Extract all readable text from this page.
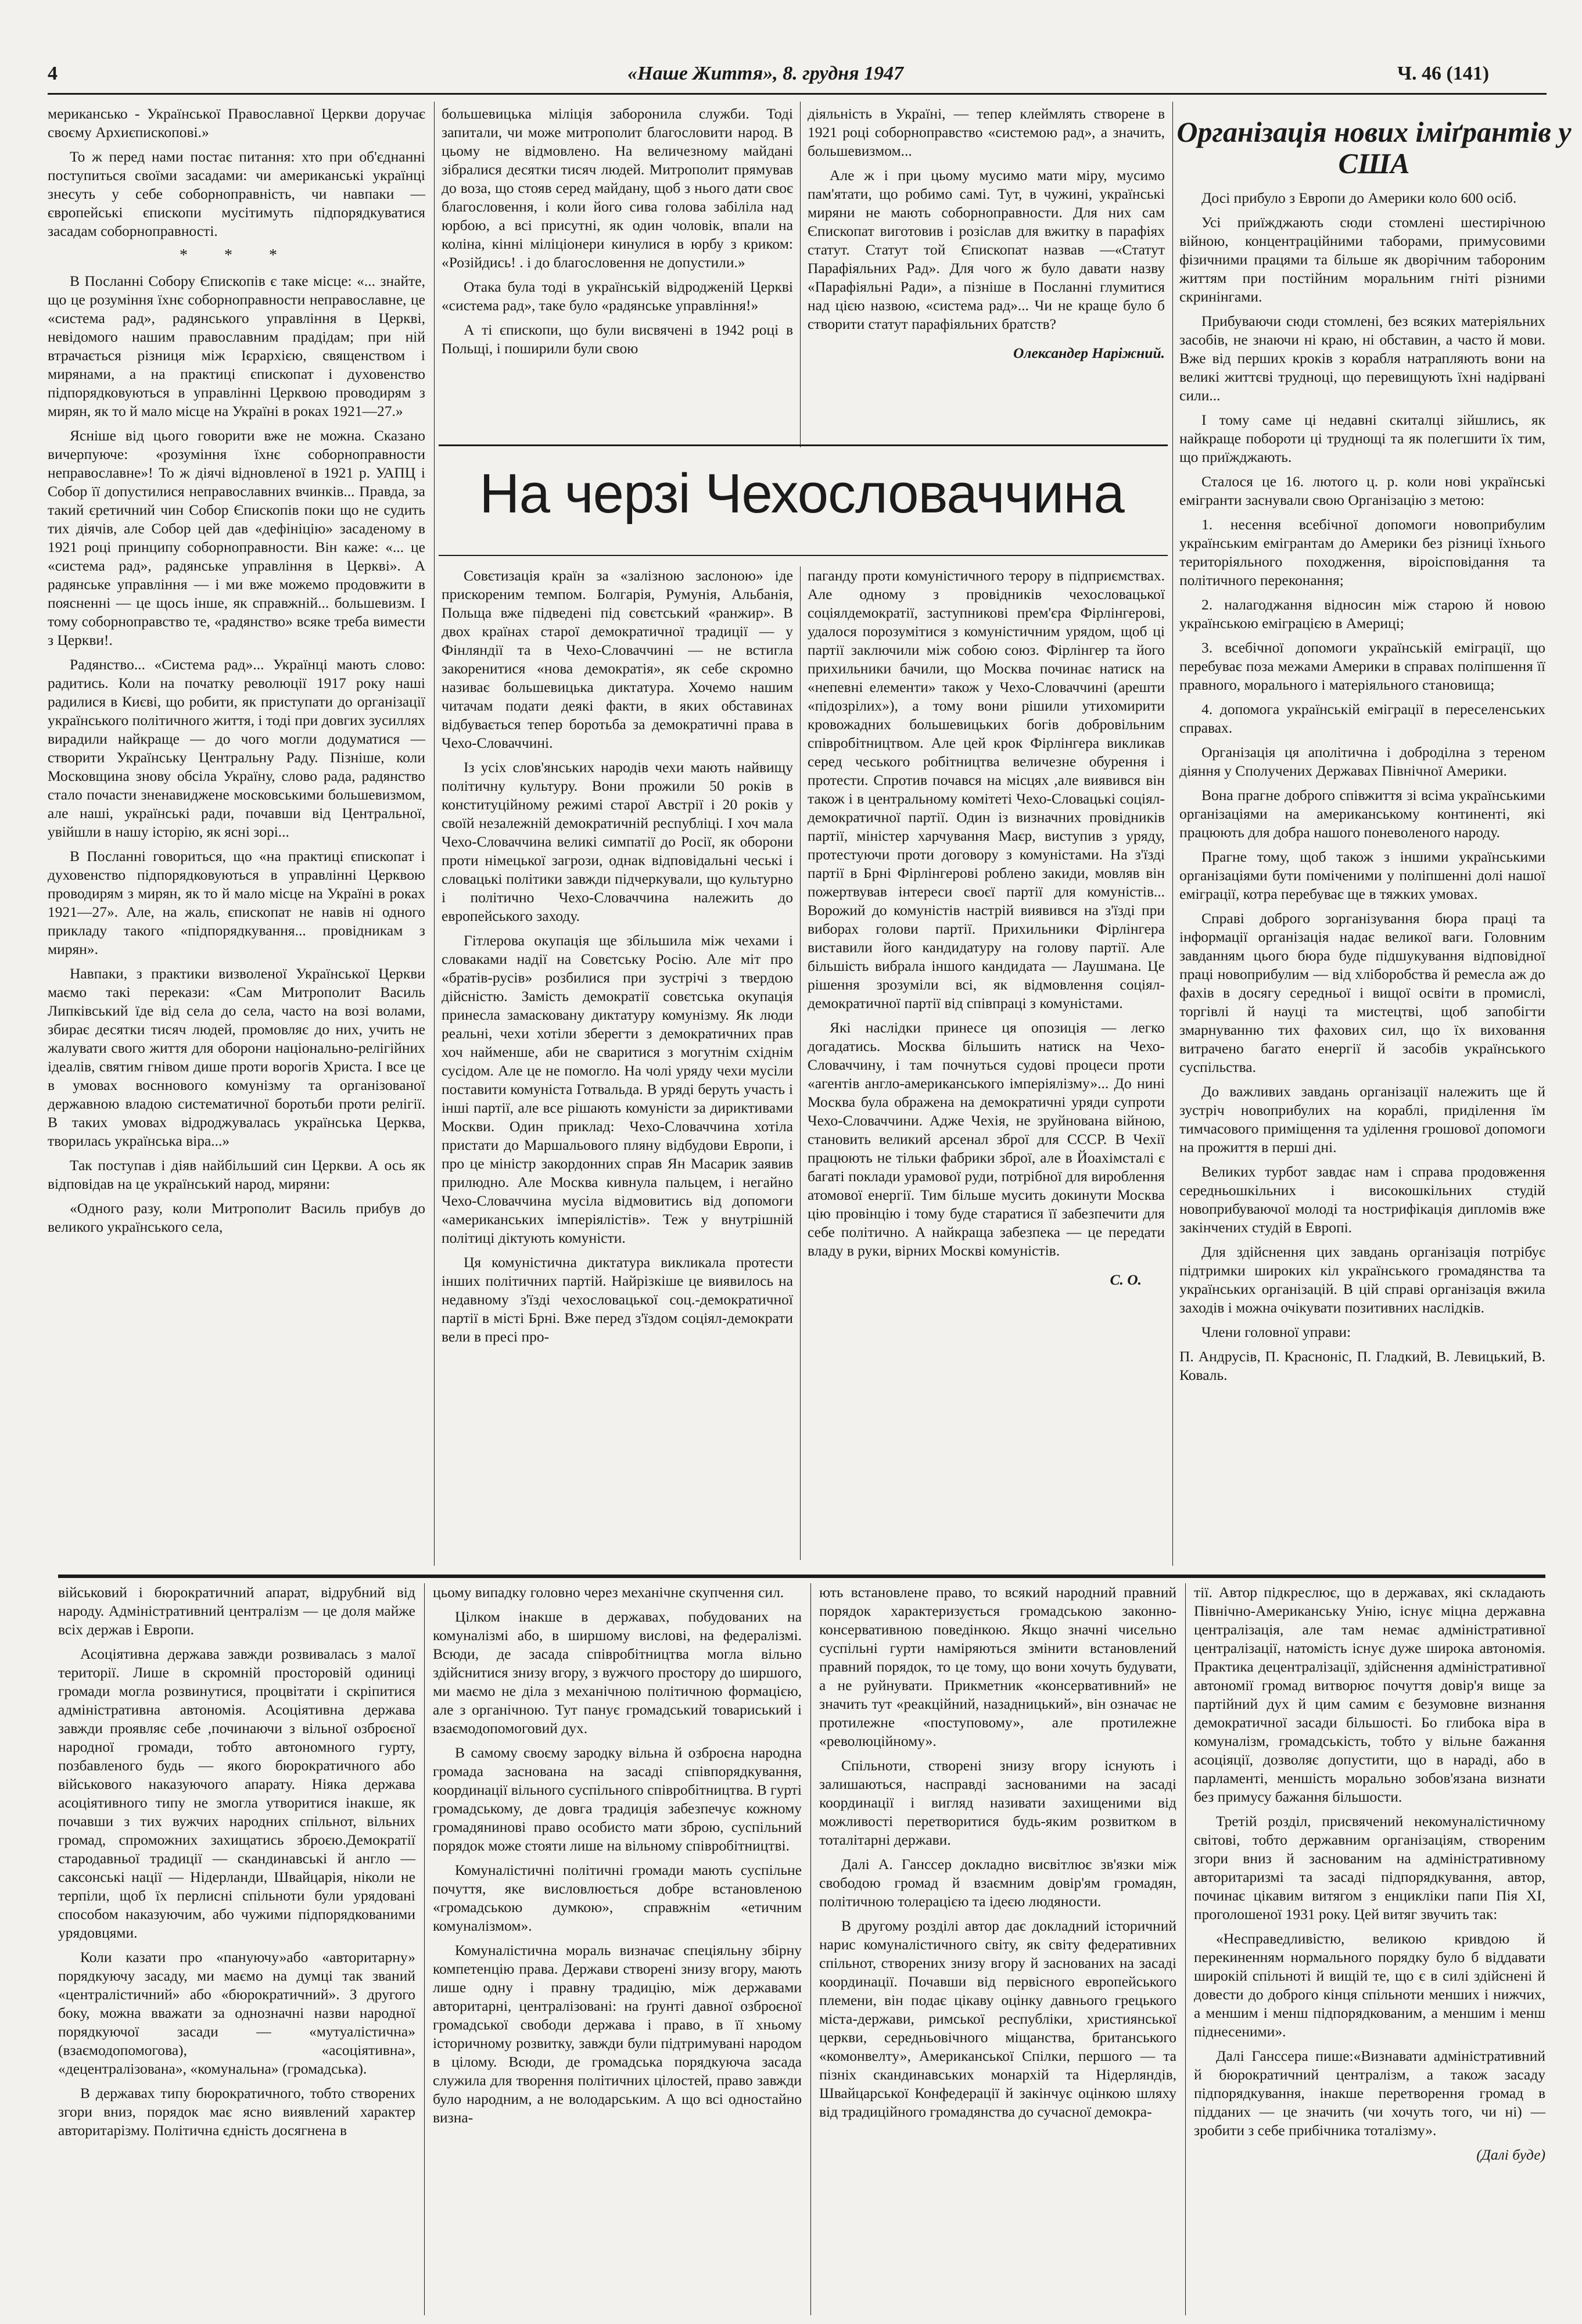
4	«Наше Життя», 8. грудня 1947	Ч. 46 (141)

мерикансько - Української Православної Церкви доручає своєму Архиєпископові.»

То ж перед нами постає питання: хто при об'єднанні поступиться своїми засадами: чи американські українці знесуть у себе соборноправність, чи навпаки — європейські єпископи мусітимуть підпорядкуватися засадам соборноправності.

* * *

В Посланні Собору Єпископів є таке місце: «... знайте, що це розуміння їхнє соборноправности неправославне, це «система рад», радянського управління в Церкві, невідомого нашим православним прадідам; при ній втрачається різниця між Ієрархією, священством і мирянами, а на практиці єпископат і духовенство підпорядковуються в управлінні Церквою проводирям з мирян, як то й мало місце на Україні в роках 1921—27.»

Ясніше від цього говорити вже не можна. Сказано вичерпуюче: «розуміння їхнє соборноправности неправославне»! То ж діячі відновленої в 1921 р. УАПЦ і Собор її допустилися неправославних вчинків... Правда, за такий єретичний чин Собор Єпископів поки що не судить тих діячів, але Собор цей дав «дефініцію» засаденому в 1921 році принципу соборноправности. Він каже: «... це «система рад», радянське управління в Церкві». А радянське управління — і ми вже можемо продовжити в поясненні — це щось інше, як справжній... большевизм. І тому соборноправство те, «радянство» всяке треба вимести з Церкви!.

Радянство... «Система рад»... Українці мають слово: радитись. Коли на початку революції 1917 року наші радилися в Києві, що робити, як приступати до організації українського політичного життя, і тоді при довгих зусиллях вирадили найкраще — до чого могли додуматися — створити Українську Центральну Раду. Пізніше, коли Московщина знову обсіла Україну, слово рада, радянство стало почасти зненавиджене московськими большевизмом, але наші, українські ради, почавши від Центральної, увійшли в нашу історію, як ясні зорі...

В Посланні говориться, що «на практиці єпископат і духовенство підпорядковуються в управлінні Церквою проводирям з мирян, як то й мало місце на Україні в роках 1921—27». Але, на жаль, єпископат не навів ні одного прикладу такого «підпорядкування... провідникам з мирян».

Навпаки, з практики визволеної Української Церкви маємо такі перекази: «Сам Митрополит Василь Липківський їде від села до села, часто на возі волами, збирає десятки тисяч людей, промовляє до них, учить не жалувати свого життя для оборони національно-релігійних ідеалів, святим гнівом дише проти ворогів Христа. І все це в умовах восннового комунізму та організованої державною владою систематичної боротьби проти релігії. В таких умовах відроджувалась українська Церква, творилась українська віра...»

Так поступав і діяв найбільший син Церкви. А ось як відповідав на це український народ, миряни:

«Одного разу, коли Митрополит Василь прибув до великого українського села,

большевицька міліція заборонила служби. Тоді запитали, чи може митрополит благословити народ. В цьому не відмовлено. На величезному майдані зібралися десятки тисяч людей. Митрополит прямував до воза, що стояв серед майдану, щоб з нього дати своє благословення, і коли його сива голова забіліла над юрбою, а всі присутні, як один чоловік, впали на коліна, кінні міліціонери кинулися в юрбу з криком: «Розійдись! . і до благословення не допустили.»

Отака була тоді в українській відродженій Церкві «система рад», таке було «радянське управління!»

А ті єпископи, що були висвячені в 1942 році в Польщі, і поширили були свою

діяльність в Україні, — тепер клеймлять створене в 1921 році соборноправство «системою рад», а значить, большевизмом...

Але ж і при цьому мусимо мати міру, мусимо пам'ятати, що робимо самі. Тут, в чужині, українські миряни не мають соборноправности. Для них сам Єпископат виготовив і розіслав для вжитку в парафіях статут. Статут той Єпископат назвав —«Статут Парафіяльних Рад». Для чого ж було давати назву «Парафіяльні Ради», а пізніше в Посланні глумитися над цією назвою, «система рад»... Чи не краще було б створити статут парафіяльних братств?

Олександер Наріжний.
На черзі Чехословаччина

Совєтизація країн за «залізною заслоною» іде прискореним темпом. Болгарія, Румунія, Альбанія, Польща вже підведені під совєтський «ранжир». В двох країнах старої демократичної традиції — у Фінляндії та в Чехо-Словаччині — не встигла закоренитися «нова демократія», як себе скромно називає большевицька диктатура. Хочемо нашим читачам подати деякі факти, в яких обставинах відбувається тепер боротьба за демократичні права в Чехо-Словаччині.

Із усіх слов'янських народів чехи мають найвищу політичну культуру. Вони прожили 50 років в конституційному режимі старої Австрії і 20 років у своїй незалежній демократичній республіці. І хоч мала Чехо-Словаччина великі симпатії до Росії, як оборони проти німецької загрози, однак відповідальні чеські і словацькі політики завжди підчеркували, що культурно і політично Чехо-Словаччина належить до европейського заходу.

Гітлерова окупація ще збільшила між чехами і словаками надії на Совєтську Росію. Але міт про «братів-русів» розбилися при зустрічі з твердою дійсністю. Замість демократії совєтська окупація принесла замасковану диктатуру комунізму. Як люди реальні, чехи хотіли зберегти з демократичних прав хоч найменше, аби не сваритися з могутнім східнім сусідом. Але це не помогло. На чолі уряду чехи мусіли поставити комуніста Готвальда. В уряді беруть участь і інші партії, але все рішають комуністи за дириктивами Москви. Один приклад: Чехо-Словаччина хотіла пристати до Маршальового пляну відбудови Европи, і про це міністр закордонних справ Ян Масарик заявив прилюдно. Але Москва кивнула пальцем, і негайно Чехо-Словаччина мусіла відмовитись від допомоги «американських імперіялістів». Теж у внутрішній політиці діктують комуністи.

Ця комуністична диктатура викликала протести інших політичних партій. Найрізкіше це виявилось на недавному з'їзді чехословацької соц.-демократичної партії в місті Брні. Вже перед з'їздом соціял-демократи вели в пресі про-

паганду проти комуністичного терору в підприємствах. Але одному з провідників чехословацької соціялдемократії, заступникові прем'єра Фірлінгерові, удалося порозумітися з комуністичним урядом, щоб ці партії заключили між собою союз. Фірлінгер та його прихильники бачили, що Москва починає натиск на «непевні елементи» також у Чехо-Словаччині (арешти «підозрілих»), а тому вони рішили утихомирити кровожадних большевицьких богів добровільним співробітництвом. Але цей крок Фірлінгера викликав серед чеського робітництва величезне обурення і протести. Спротив почався на місцях ,але виявився він також і в центральному комітеті Чехо-Словацькі соціял-демократичної партії. Один із визначних провідників партії, міністер харчування Маєр, виступив з уряду, протестуючи проти договору з комуністами. На з'їзді партії в Брні Фірлінгерові роблено закиди, мовляв він пожертвував інтереси своєї партії для комуністів... Ворожий до комуністів настрій виявився на з'їзді при виборах голови партії. Прихильники Фірлінгера виставили його кандидатуру на голову партії. Але більшість вибрала іншого кандидата — Лаушмана. Це рішення зрозуміли всі, як відмовлення соціял-демократичної партії від співпраці з комуністами.

Які наслідки принесе ця опозиція — легко догадатись. Москва більшить натиск на Чехо-Словаччину, і там почнуться судові процеси проти «агентів англо-американського імперіялізму»... До нині Москва була ображена на демократичні уряди супроти Чехо-Словаччини. Адже Чехія, не зруйнована війною, становить великий арсенал зброї для СССР. В Чехії працюють не тільки фабрики зброї, але в Йоахімсталі є багаті поклади урамової руди, потрібної для вироблення атомової енергії. Тим більше мусить докинути Москва цію провінцію і тому буде старатися її забезпечити для себе політично. А найкраща забезпека — це передати владу в руки, вірних Москві комуністів.

С. О.
Організація нових іміґрантів у США

Досі прибуло з Европи до Америки коло 600 осіб.

Усі приїжджають сюди стомлені шестирічною війною, концентраційними таборами, примусовими фізичними працями та більше як двоpічним табороним життям при постійним моральним гніті різними скринінгами.

Прибуваючи сюди стомлені, без всяких матеріяльних засобів, не знаючи ні краю, ні обставин, а часто й мови. Вже від перших кроків з корабля натрапляють вони на великі життєві трудноці, що перевищують їхні надірвані сили...

І тому саме ці недавні скиталці зійшлись, як найкраще побороти ці труднощі та як полегшити їх тим, що приїжджають.

Сталося це 16. лютого ц. р. коли нові українські емігранти заснували свою Організацію з метою:

1. несення всебічної допомоги новоприбулим українським емігрантам до Америки без різниці їхнього територіяльного походження, віроісповідання та політичного переконання;

2. налагоджання відносин між старою й новою українською еміграцією в Америці;

3. всебічної допомоги українській еміграції, що перебуває поза межами Америки в справах поліпшення її правного, морального і матеріяльного становища;

4. допомога українській еміграції в переселенських справах.

Організація ця аполітична і доброділна з тереном діяння у Сполучених Державах Північної Америки.

Вона прагне доброго співжиття зі всіма українськими організаціями на американському континенті, які працюють для добра нашого поневоленого народу.

Прагне тому, щоб також з іншими українськими організаціями бути поміченими у поліпшенні долі нашої еміграції, котра перебуває ще в тяжких умовах.

Справі доброго зорганізування бюра праці та інформації організація надає великої ваги. Головним завданням цього бюра буде підшукування відповідної праці новоприбулим — від хліборобства й ремесла аж до фахів в досягу середньої і вищої освіти в промислі, торгівлі й науці та мистецтві, щоб запобігти змарнуванню тих фахових сил, що їх виховання витрачено багато енергії й засобів українського суспільства.

До важливих завдань організації належить ще й зустріч новоприбулих на кораблі, приділення їм тимчасового приміщення та уділення грошової допомоги на прожиття в перші дні.

Великих турбот завдає нам і справа продовження середньошкільних і високошкільних студій новоприбуваючої молоді та нострифікація дипломів вже закінчених студій в Европі.

Для здійснення цих завдань організація потрібує підтримки широких кіл українського громадянства та українських організацій. В цій справі організація вжила заходів і можна очікувати позитивних наслідків.

Члени головної управи:

П. Андрусів, П. Красноніс, П. Гладкий, В. Левицький, В. Коваль.

військовий і бюрократичний апарат, відрубний від народу. Адміністративний централізм — це доля майже всіх держав і Европи.

Асоціятивна держава завжди розвивалась з малої території. Лише в скромній просторовій одиниці громади могла розвинутися, процвітати і скріпитися адміністративна автономія. Асоціятивна держава завжди проявляє себе ,починаючи з вільної озброєної народної громади, тобто автономного гурту, позбавленого будь — якого бюрократичного або військового наказуючого апарату. Ніяка держава асоціятивного типу не змогла утворитися інакше, як почавши з тих вужчих народних спільнот, вільних громад, спроможних захищатись зброєю.Демократії стародавньої традиції — скандинавські й англо — саксонські нації — Нідерланди, Швайцарія, ніколи не терпіли, щоб їх перлисні спільноти були урядовані способом наказуючим, або чужими підпорядкованими урядовцями.

Коли казати про «пануючу»або «авторитарну» порядкуючу засаду, ми маємо на думці так званий «централістичний» або «бюрократичний». З другого боку, можна вважати за однозначні назви народної порядкуючої засади — «мутуалістична» (взаємодопомогова), «асоціятивна», «децентралізована», «комунальна» (громадська).

В державах типу бюрократичного, тобто створених згори вниз, порядок має ясно виявлений характер авторитарізму. Політична єдність досягнена в

цьому випадку головно через механічне скупчення сил.

Цілком інакше в державах, побудованих на комуналізмі або, в ширшому вислові, на федералізмі. Всюди, де засада співробітництва могла вільно здійснитися знизу вгору, з вужчого простору до ширшого, ми маємо не діла з механічною політичною формацією, але з органічною. Тут панує громадський товариський і взаємодопомоговий дух.

В самому своєму зародку вільна й озброєна народна громада заснована на засаді співпорядкування, координації вільного суспільного співробітництва. В гурті громадському, де довга традиція забезпечує кожному громадянинові право особисто мати зброю, суспільний порядок може стояти лише на вільному співробітництві.

Комуналістичні політичні громади мають суспільне почуття, яке висловлюється добре встановленою «громадською думкою», справжнім «етичним комуналізмом».

Комуналістична мораль визначає спеціяльну збірну компетенцію права. Держави створені знизу вгору, мають лише одну і правну традицію, між державами авторитарні, централізовані: на ґрунті давної озброєної громадської свободи держава і право, в її хньому історичному розвитку, завжди були підтримувані народом в цілому. Всюди, де громадська порядкуюча засада служила для творення політичних цілостей, право завжди було народним, а не володарським. А що всі одностайно визна-

ють встановлене право, то всякий народний правний порядок характеризується громадською законно-консервативною поведінкою. Якщо значні чисельно суспільні гурти наміряються змінити встановлений правний порядок, то це тому, що вони хочуть будувати, а не руйнувати. Прикметник «консервативний» не значить тут «реакційний, назадницький», він означає не протилежне «поступовому», але протилежне «революційному».

Спільноти, створені знизу вгору існують і залишаються, насправді заснованими на засаді координації і вигляд називати захищеними від можливості перетворитися будь-яким розвитком в тоталітарні держави.

Далі А. Ганссер докладно висвітлює зв'язки між свободою громад й взаємним довір'ям громадян, політичною толерацією та ідеєю людяности.

В другому розділі автор дає докладний історичний нарис комуналістичного світу, як світу федеративних спільнот, створених знизу вгору й заснованих на засаді координації. Почавши від первісного европейського племени, він подає цікаву оцінку давнього грецького міста-держави, римської республіки, християнської церкви, середньовічного міщанства, британського «комонвелту», Американської Спілки, першого — та пізніх скандинавських монархій та Нідерляндів, Швайцарської Конфедерації й закінчує оцінкою шляху від традиційного громадянства до сучасної демокра-

тії. Автор підкреслює, що в державах, які складають Північно-Американську Унію, існує міцна державна централізація, але там немає адміністративної централізації, натомість існує дуже широка автономія. Практика децентралізації, здійснення адміністративної автономії громад витворює почуття довір'я вище за партійний дух й цим самим є безумовне визнання демократичної засади більшості. Бо глибока віра в комуналізм, громадськість, тобто у вільне бажання асоціяції, дозволяє допустити, що в нараді, або в парламенті, меншість морально зобов'язана визнати без примусу бажання більшости.

Третій розділ, присвячений некомуналістичному світові, тобто державним організаціям, створеним згори вниз й заснованим на адміністративному авторитаризмі та засаді підпорядкування, автор, починає цікавим витягом з енцикліки папи Пія XI, проголошеної 1931 року. Цей витяг звучить так:

«Несправедливістю, великою кривдою й перекиненням нормального порядку було б віддавати широкій спільноті й вищій те, що є в силі здійснені й довести до доброго кінця спільноти менших і нижчих, а меншим і менш підпорядкованим, а меншим і менш піднесеними».

Далі Ганссера пише:«Визнавати адміністративний й бюрократичний централізм, а також засаду підпорядкування, інакше перетворення громад в підданих — це значить (чи хочуть того, чи ні) — зробити з себе прибічника тоталізму».

(Далі буде)
